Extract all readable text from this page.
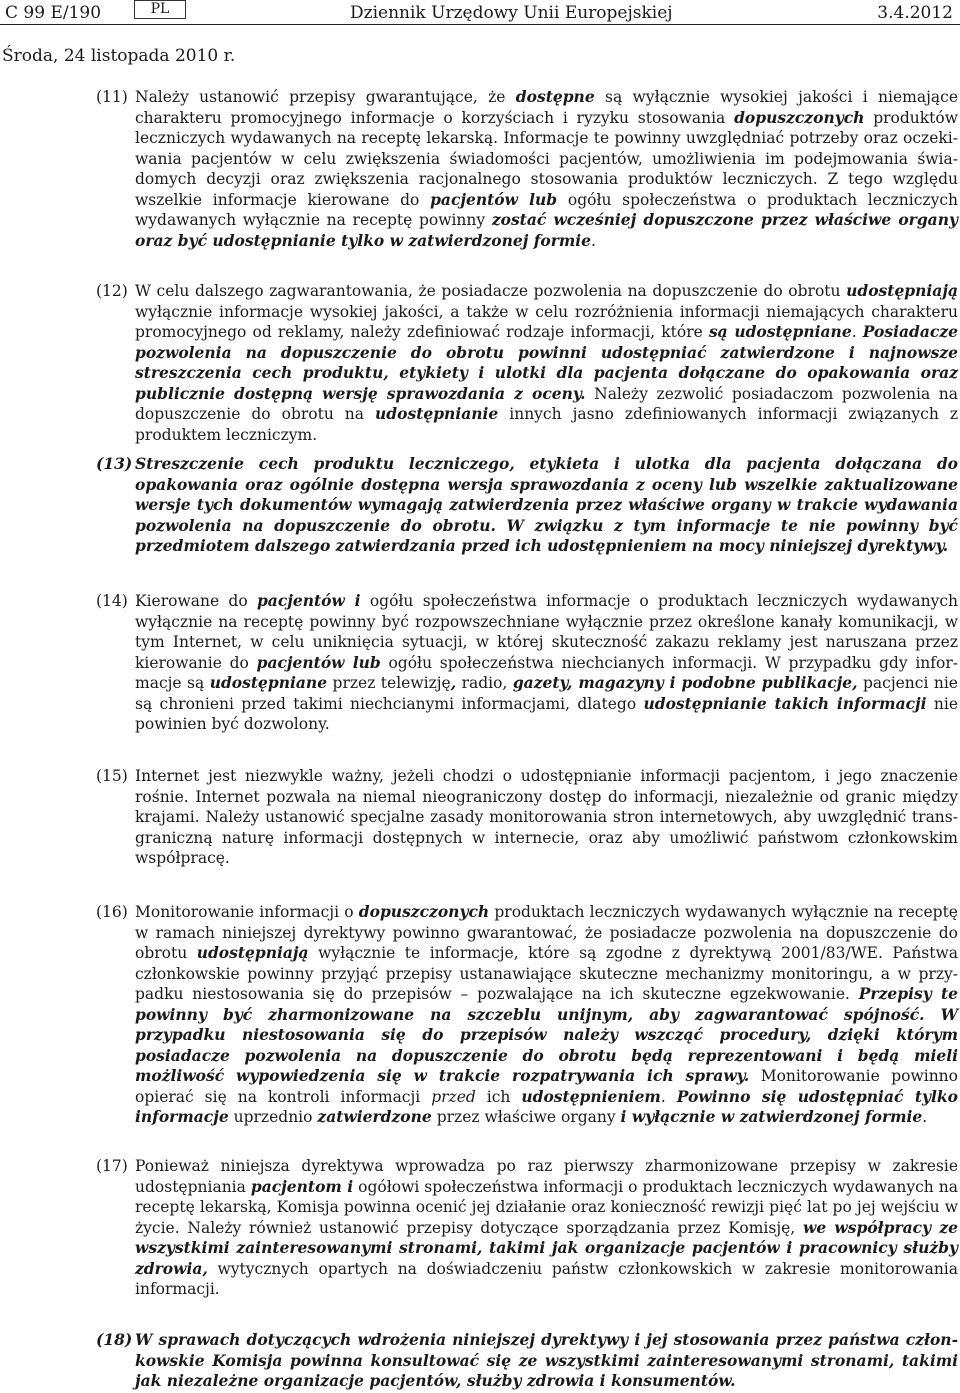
C 99 E/190	PL	Dziennik Urzędowy Unii Europejskiej	3.4.2012
Środa, 24 listopada 2010 r.
(11) Należy ustanowić przepisy gwarantujące, że dostępne są wyłącznie wysokiej jakości i niemające charakteru promocyjnego informacje o korzyściach i ryzyku stosowania dopuszczonych produktów leczniczych wydawanych na receptę lekarską. Informacje te powinny uwzględniać potrzeby oraz oczekiwania pacjentów w celu zwiększenia świadomości pacjentów, umożliwienia im podejmowania świadomych decyzji oraz zwiększenia racjonalnego stosowania produktów leczniczych. Z tego względu wszelkie informacje kierowane do pacjentów lub ogółu społeczeństwa o produktach leczniczych wydawanych wyłącznie na receptę powinny zostać wcześniej dopuszczone przez właściwe organy oraz być udostępnianie tylko w zatwierdzonej formie.
(12) W celu dalszego zagwarantowania, że posiadacze pozwolenia na dopuszczenie do obrotu udostępniają wyłącznie informacje wysokiej jakości, a także w celu rozróżnienia informacji niemających charakteru promocyjnego od reklamy, należy zdefiniować rodzaje informacji, które są udostępniane. Posiadacze pozwolenia na dopuszczenie do obrotu powinni udostępniać zatwierdzone i najnowsze streszczenia cech produktu, etykiety i ulotki dla pacjenta dołączane do opakowania oraz publicznie dostępną wersję sprawozdania z oceny. Należy zezwolić posiadaczom pozwolenia na dopuszczenie do obrotu na udostępnianie innych jasno zdefiniowanych informacji związanych z produktem leczniczym.
(13) Streszczenie cech produktu leczniczego, etykieta i ulotka dla pacjenta dołączana do opakowania oraz ogólnie dostępna wersja sprawozdania z oceny lub wszelkie zaktualizowane wersje tych dokumentów wymagają zatwierdzenia przez właściwe organy w trakcie wydawania pozwolenia na dopuszczenie do obrotu. W związku z tym informacje te nie powinny być przedmiotem dalszego zatwierdzania przed ich udostępnieniem na mocy niniejszej dyrektywy.
(14) Kierowane do pacjentów i ogółu społeczeństwa informacje o produktach leczniczych wydawanych wyłącznie na receptę powinny być rozpowszechniane wyłącznie przez określone kanały komunikacji, w tym Internet, w celu uniknięcia sytuacji, w której skuteczność zakazu reklamy jest naruszana przez kierowanie do pacjentów lub ogółu społeczeństwa niechcianych informacji. W przypadku gdy informacje są udostępniane przez telewizję, radio, gazety, magazyny i podobne publikacje, pacjenci nie są chronieni przed takimi niechcianymi informacjami, dlatego udostępnianie takich informacji nie powinien być dozwolony.
(15) Internet jest niezwykle ważny, jeżeli chodzi o udostępnianie informacji pacjentom, i jego znaczenie rośnie. Internet pozwala na niemal nieograniczony dostęp do informacji, niezależnie od granic między krajami. Należy ustanowić specjalne zasady monitorowania stron internetowych, aby uwzględnić transgraniczną naturę informacji dostępnych w internecie, oraz aby umożliwić państwom członkowskim współpracę.
(16) Monitorowanie informacji o dopuszczonych produktach leczniczych wydawanych wyłącznie na receptę w ramach niniejszej dyrektywy powinno gwarantować, że posiadacze pozwolenia na dopuszczenie do obrotu udostępniają wyłącznie te informacje, które są zgodne z dyrektywą 2001/83/WE. Państwa członkowskie powinny przyjąć przepisy ustanawiające skuteczne mechanizmy monitoringu, a w przypadku niestosowania się do przepisów – pozwalające na ich skuteczne egzekwowanie. Przepisy te powinny być zharmonizowane na szczeblu unijnym, aby zagwarantować spójność. W przypadku niestosowania się do przepisów należy wszcząć procedury, dzięki którym posiadacze pozwolenia na dopuszczenie do obrotu będą reprezentowani i będą mieli możliwość wypowiedzenia się w trakcie rozpatrywania ich sprawy. Monitorowanie powinno opierać się na kontroli informacji przed ich udostępnieniem. Powinno się udostępniać tylko informacje uprzednio zatwierdzone przez właściwe organy i wyłącznie w zatwierdzonej formie.
(17) Ponieważ niniejsza dyrektywa wprowadza po raz pierwszy zharmonizowane przepisy w zakresie udostępniania pacjentom i ogółowi społeczeństwa informacji o produktach leczniczych wydawanych na receptę lekarską, Komisja powinna ocenić jej działanie oraz konieczność rewizji pięć lat po jej wejściu w życie. Należy również ustanowić przepisy dotyczące sporządzania przez Komisję, we współpracy ze wszystkimi zainteresowanymi stronami, takimi jak organizacje pacjentów i pracownicy służby zdrowia, wytycznych opartych na doświadczeniu państw członkowskich w zakresie monitorowania informacji.
(18) W sprawach dotyczących wdrożenia niniejszej dyrektywy i jej stosowania przez państwa członkowskie Komisja powinna konsultować się ze wszystkimi zainteresowanymi stronami, takimi jak niezależne organizacje pacjentów, służby zdrowia i konsumentów.
